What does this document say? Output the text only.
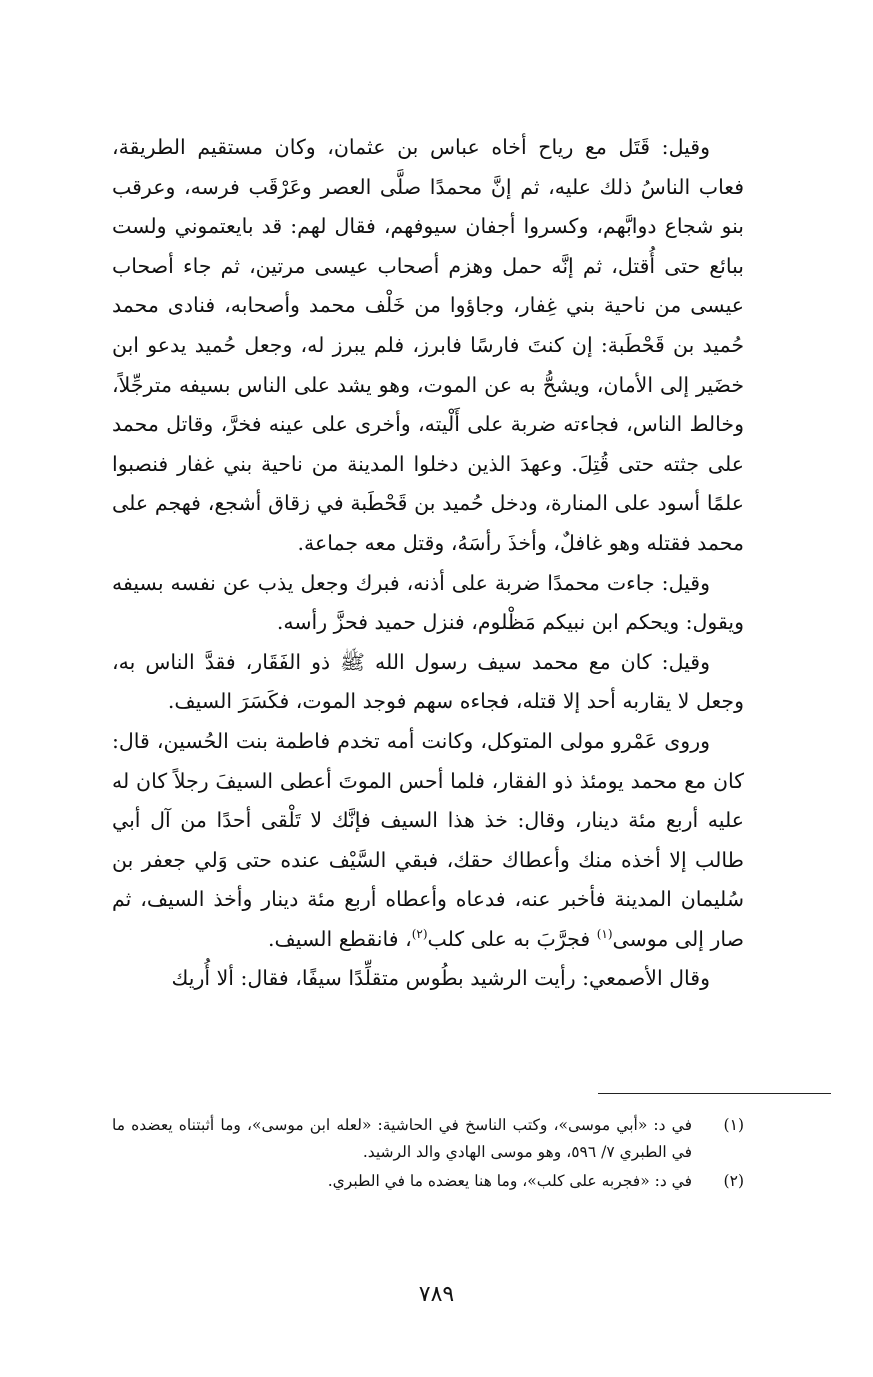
وقيل: قَتَل مع رياح أخاه عباس بن عثمان، وكان مستقيم الطريقة، فعاب الناسُ ذلك عليه، ثم إنَّ محمدًا صلَّى العصر وعَرْقَب فرسه، وعرقب بنو شجاع دوابَّهم، وكسروا أجفان سيوفهم، فقال لهم: قد بايعتموني ولست ببائع حتى أُقتل، ثم إنَّه حمل وهزم أصحاب عيسى مرتين، ثم جاء أصحاب عيسى من ناحية بني غِفار، وجاؤوا من خَلْف محمد وأصحابه، فنادى محمد حُميد بن قَحْطَبة: إن كنتَ فارسًا فابرز، فلم يبرز له، وجعل حُميد يدعو ابن خضَير إلى الأمان، ويشحُّ به عن الموت، وهو يشد على الناس بسيفه مترجِّلاً، وخالط الناس، فجاءته ضربة على أَلْيته، وأخرى على عينه فخرَّ، وقاتل محمد على جثته حتى قُتِلَ. وعهدَ الذين دخلوا المدينة من ناحية بني غفار فنصبوا علمًا أسود على المنارة، ودخل حُميد بن قَحْطَبة في زقاق أشجع، فهجم على محمد فقتله وهو غافلٌ، وأخذَ رأسَهُ، وقتل معه جماعة.

وقيل: جاءت محمدًا ضربة على أذنه، فبرك وجعل يذب عن نفسه بسيفه ويقول: ويحكم ابن نبيكم مَظْلوم، فنزل حميد فحزَّ رأسه.

وقيل: كان مع محمد سيف رسول الله ﷺ ذو الفَقَار، فقدَّ الناس به، وجعل لا يقاربه أحد إلا قتله، فجاءه سهم فوجد الموت، فكَسَرَ السيف.

وروى عَمْرو مولى المتوكل، وكانت أمه تخدم فاطمة بنت الحُسين، قال: كان مع محمد يومئذ ذو الفقار، فلما أحس الموتَ أعطى السيفَ رجلاً كان له عليه أربع مئة دينار، وقال: خذ هذا السيف فإنَّك لا تَلْقى أحدًا من آل أبي طالب إلا أخذه منك وأعطاك حقك، فبقي السَّيْف عنده حتى وَلي جعفر بن سُليمان المدينة فأخبر عنه، فدعاه وأعطاه أربع مئة دينار وأخذ السيف، ثم صار إلى موسى$^{(١)}$ فجرَّبَ به على كلب$^{(٢)}$، فانقطع السيف.

وقال الأصمعي: رأيت الرشيد بطُوس متقلِّدًا سيفًا، فقال: ألا أُريك

(١)
في د: «أبي موسى»، وكتب الناسخ في الحاشية: «لعله ابن موسى»، وما أثبتناه يعضده ما في الطبري ٧/ ٥٩٦، وهو موسى الهادي والد الرشيد.
(٢)
في د: «فجربه على كلب»، وما هنا يعضده ما في الطبري.
٧٨٩
